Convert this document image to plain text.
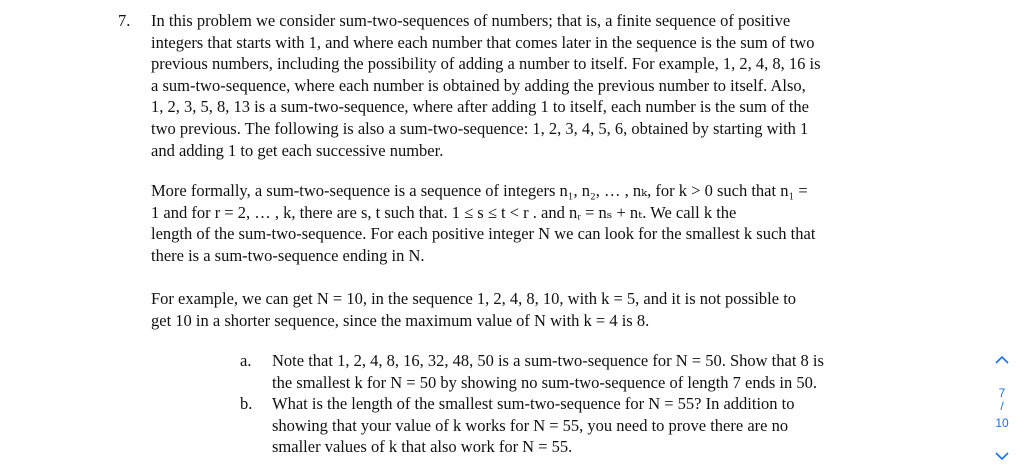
7. In this problem we consider sum-two-sequences of numbers; that is, a finite sequence of positive
integers that starts with 1, and where each number that comes later in the sequence is the sum of two
previous numbers, including the possibility of adding a number to itself. For example, 1, 2, 4, 8, 16 is
a sum-two-sequence, where each number is obtained by adding the previous number to itself. Also,
1, 2, 3, 5, 8, 13 is a sum-two-sequence, where after adding 1 to itself, each number is the sum of the
two previous. The following is also a sum-two-sequence: 1, 2, 3, 4, 5, 6, obtained by starting with 1
and adding 1 to get each successive number.
More formally, a sum-two-sequence is a sequence of integers n₁, n₂, … , nₖ, for k > 0 such that n₁ =
1 and for r = 2, … , k, there are s, t such that. 1 ≤ s ≤ t < r . and nᵣ = nₛ + nₜ. We call k the
length of the sum-two-sequence. For each positive integer N we can look for the smallest k such that
there is a sum-two-sequence ending in N.
For example, we can get N = 10, in the sequence 1, 2, 4, 8, 10, with k = 5, and it is not possible to
get 10 in a shorter sequence, since the maximum value of N with k = 4 is 8.
a.	Note that 1, 2, 4, 8, 16, 32, 48, 50 is a sum-two-sequence for N = 50. Show that 8 is
the smallest k for N = 50 by showing no sum-two-sequence of length 7 ends in 50.
b.	What is the length of the smallest sum-two-sequence for N = 55? In addition to
showing that your value of k works for N = 55, you need to prove there are no
smaller values of k that also work for N = 55.
7
/
10
